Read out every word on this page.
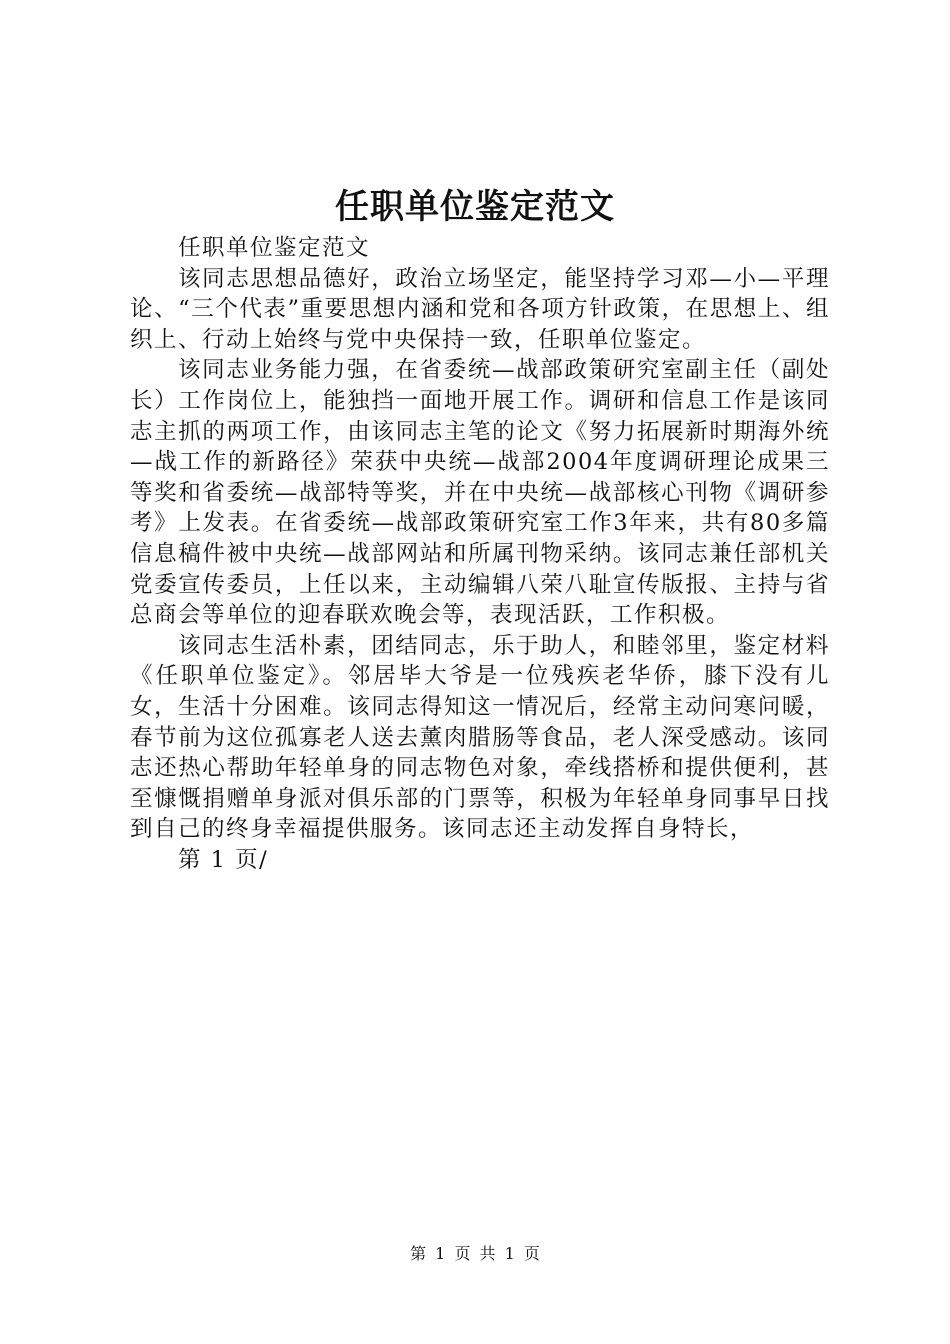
任职单位鉴定范文

任职单位鉴定范文

该同志思想品德好，政治立场坚定，能坚持学习邓—小—平理论、“三个代表”重要思想内涵和党和各项方针政策，在思想上、组织上、行动上始终与党中央保持一致，任职单位鉴定。

该同志业务能力强，在省委统—战部政策研究室副主任（副处长）工作岗位上，能独挡一面地开展工作。调研和信息工作是该同志主抓的两项工作，由该同志主笔的论文《努力拓展新时期海外统—战工作的新路径》荣获中央统—战部2004年度调研理论成果三等奖和省委统—战部特等奖，并在中央统—战部核心刊物《调研参考》上发表。在省委统—战部政策研究室工作3年来，共有80多篇信息稿件被中央统—战部网站和所属刊物采纳。该同志兼任部机关党委宣传委员，上任以来，主动编辑八荣八耻宣传版报、主持与省总商会等单位的迎春联欢晚会等，表现活跃，工作积极。

该同志生活朴素，团结同志，乐于助人，和睦邻里，鉴定材料《任职单位鉴定》。邻居毕大爷是一位残疾老华侨，膝下没有儿女，生活十分困难。该同志得知这一情况后，经常主动问寒问暖，春节前为这位孤寡老人送去薰肉腊肠等食品，老人深受感动。该同志还热心帮助年轻单身的同志物色对象，牵线搭桥和提供便利，甚至慷慨捐赠单身派对俱乐部的门票等，积极为年轻单身同事早日找到自己的终身幸福提供服务。该同志还主动发挥自身特长，

第 1 页/

第 1 页 共 1 页
